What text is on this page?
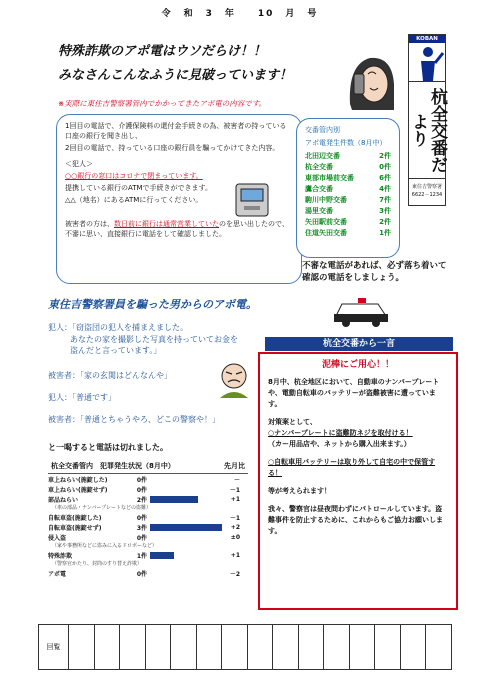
令　和　3　年　　10　月　号
特殊詐欺のアポ電はウソだらけ！！
みなさんこんなふうに見破っています！
※実際に東住吉警察署管内でかかってきたアポ電の内容です。
KOBAN
杭全交番だより
東住吉警察署
6622－1234

1回目の電話で、介護保険料の還付金手続きの為、被害者の持っている口座の銀行を聞き出し、

2回目の電話で、持っている口座の銀行員を騙ってかけてきた内容。

＜犯人＞

○○銀行の窓口はコロナで閉まっています。

提携している銀行のATMで手続きができます。

△△（地名）にあるATMに行ってください。

被害者の方は、数日前に銀行は通常営業していたのを思い出したので、不審に思い、直接銀行に電話をして確認しました。

交番管内別
アポ電発生件数（8月中）
北田辺交番	2件
杭全交番	0件
東部市場前交番	6件
鷹合交番	4件
駒川中野交番	7件
湯里交番	3件
矢田駅前交番	2件
住道矢田交番	1件
不審な電話があれば、必ず落ち着いて確認の電話をしましょう。
東住吉警察署員を騙った男からのアポ電。
犯人：「窃盗団の犯人を捕まえました。
あなたの家を撮影した写真を持っていてお金を盗んだと言っています。」
被害者：「家の玄関はどんなんや」
犯人：「普通です」
被害者：「普通とちゃうやろ、どこの警察や！」
と一喝すると電話は切れました。
杭全交番管内　犯罪発生状況（8月中）	先月比
車上ねらい(施錠した)	0件	－
車上ねらい(施錠せず)	0件	－1
部品ねらい	2件	+1
（車の部品・ナンバープレートなどの盗難）
自転車盗(施錠した)	0件	－1
自転車盗(施錠せず)	3件	+2
侵入盗	0件	±0
（家や事務所などに盗みに入るドロボーなど）
特殊詐欺	1件	+1
（警察官かたり、封筒のすり替え詐欺）
アポ電	0件	－2
杭全交番から一言
泥棒にご用心！！

8月中、杭全地区において、自動車のナンバープレートや、電動自転車のバッテリーが盗難被害に遭っています。

対策案として、

○ナンバープレートに盗難防ネジを取付ける！

（カー用品店や、ネットから購入出来ます。）

○自転車用バッテリーは取り外して自宅の中で保管する！

等が考えられます！

我々、警察官は昼夜問わずにパトロールしています。盗難事件を防止するために、これからもご協力お願いします。

回覧
